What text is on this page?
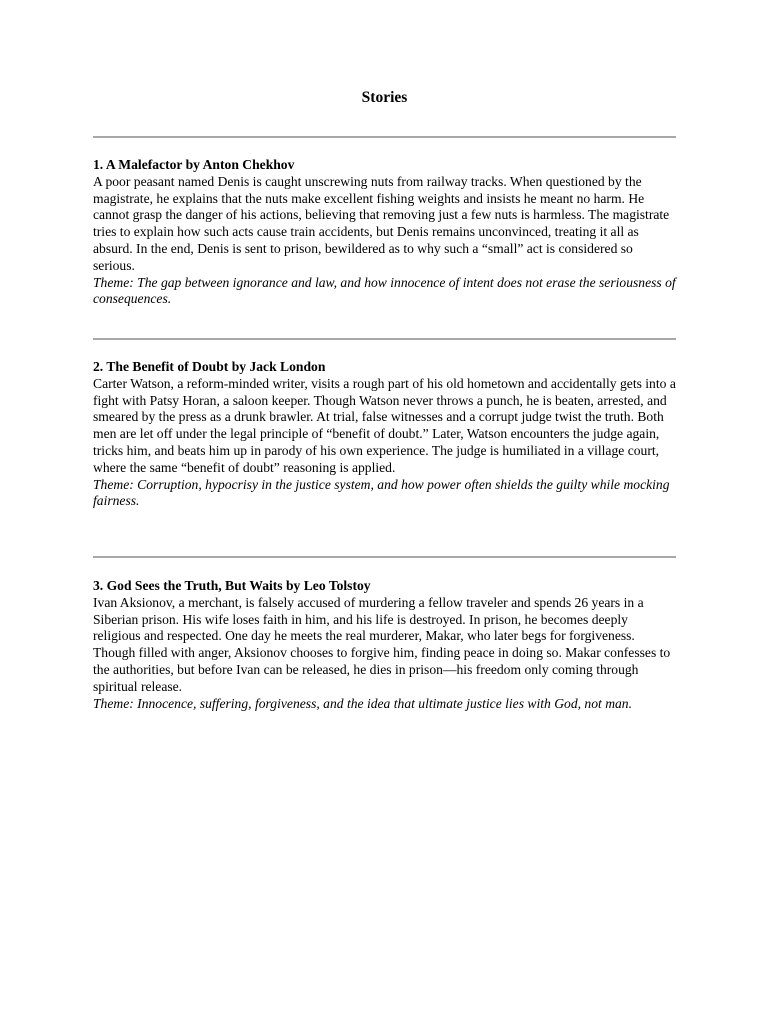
Stories

1. A Malefactor by Anton Chekhov

A poor peasant named Denis is caught unscrewing nuts from railway tracks. When questioned by the magistrate, he explains that the nuts make excellent fishing weights and insists he meant no harm. He cannot grasp the danger of his actions, believing that removing just a few nuts is harmless. The magistrate tries to explain how such acts cause train accidents, but Denis remains unconvinced, treating it all as absurd. In the end, Denis is sent to prison, bewildered as to why such a “small” act is considered so serious.

Theme: The gap between ignorance and law, and how innocence of intent does not erase the seriousness of consequences.

2. The Benefit of Doubt by Jack London

Carter Watson, a reform-minded writer, visits a rough part of his old hometown and accidentally gets into a fight with Patsy Horan, a saloon keeper. Though Watson never throws a punch, he is beaten, arrested, and smeared by the press as a drunk brawler. At trial, false witnesses and a corrupt judge twist the truth. Both men are let off under the legal principle of “benefit of doubt.” Later, Watson encounters the judge again, tricks him, and beats him up in parody of his own experience. The judge is humiliated in a village court, where the same “benefit of doubt” reasoning is applied.

Theme: Corruption, hypocrisy in the justice system, and how power often shields the guilty while mocking fairness.

3. God Sees the Truth, But Waits by Leo Tolstoy

Ivan Aksionov, a merchant, is falsely accused of murdering a fellow traveler and spends 26 years in a Siberian prison. His wife loses faith in him, and his life is destroyed. In prison, he becomes deeply religious and respected. One day he meets the real murderer, Makar, who later begs for forgiveness. Though filled with anger, Aksionov chooses to forgive him, finding peace in doing so. Makar confesses to the authorities, but before Ivan can be released, he dies in prison—his freedom only coming through spiritual release.

Theme: Innocence, suffering, forgiveness, and the idea that ultimate justice lies with God, not man.
